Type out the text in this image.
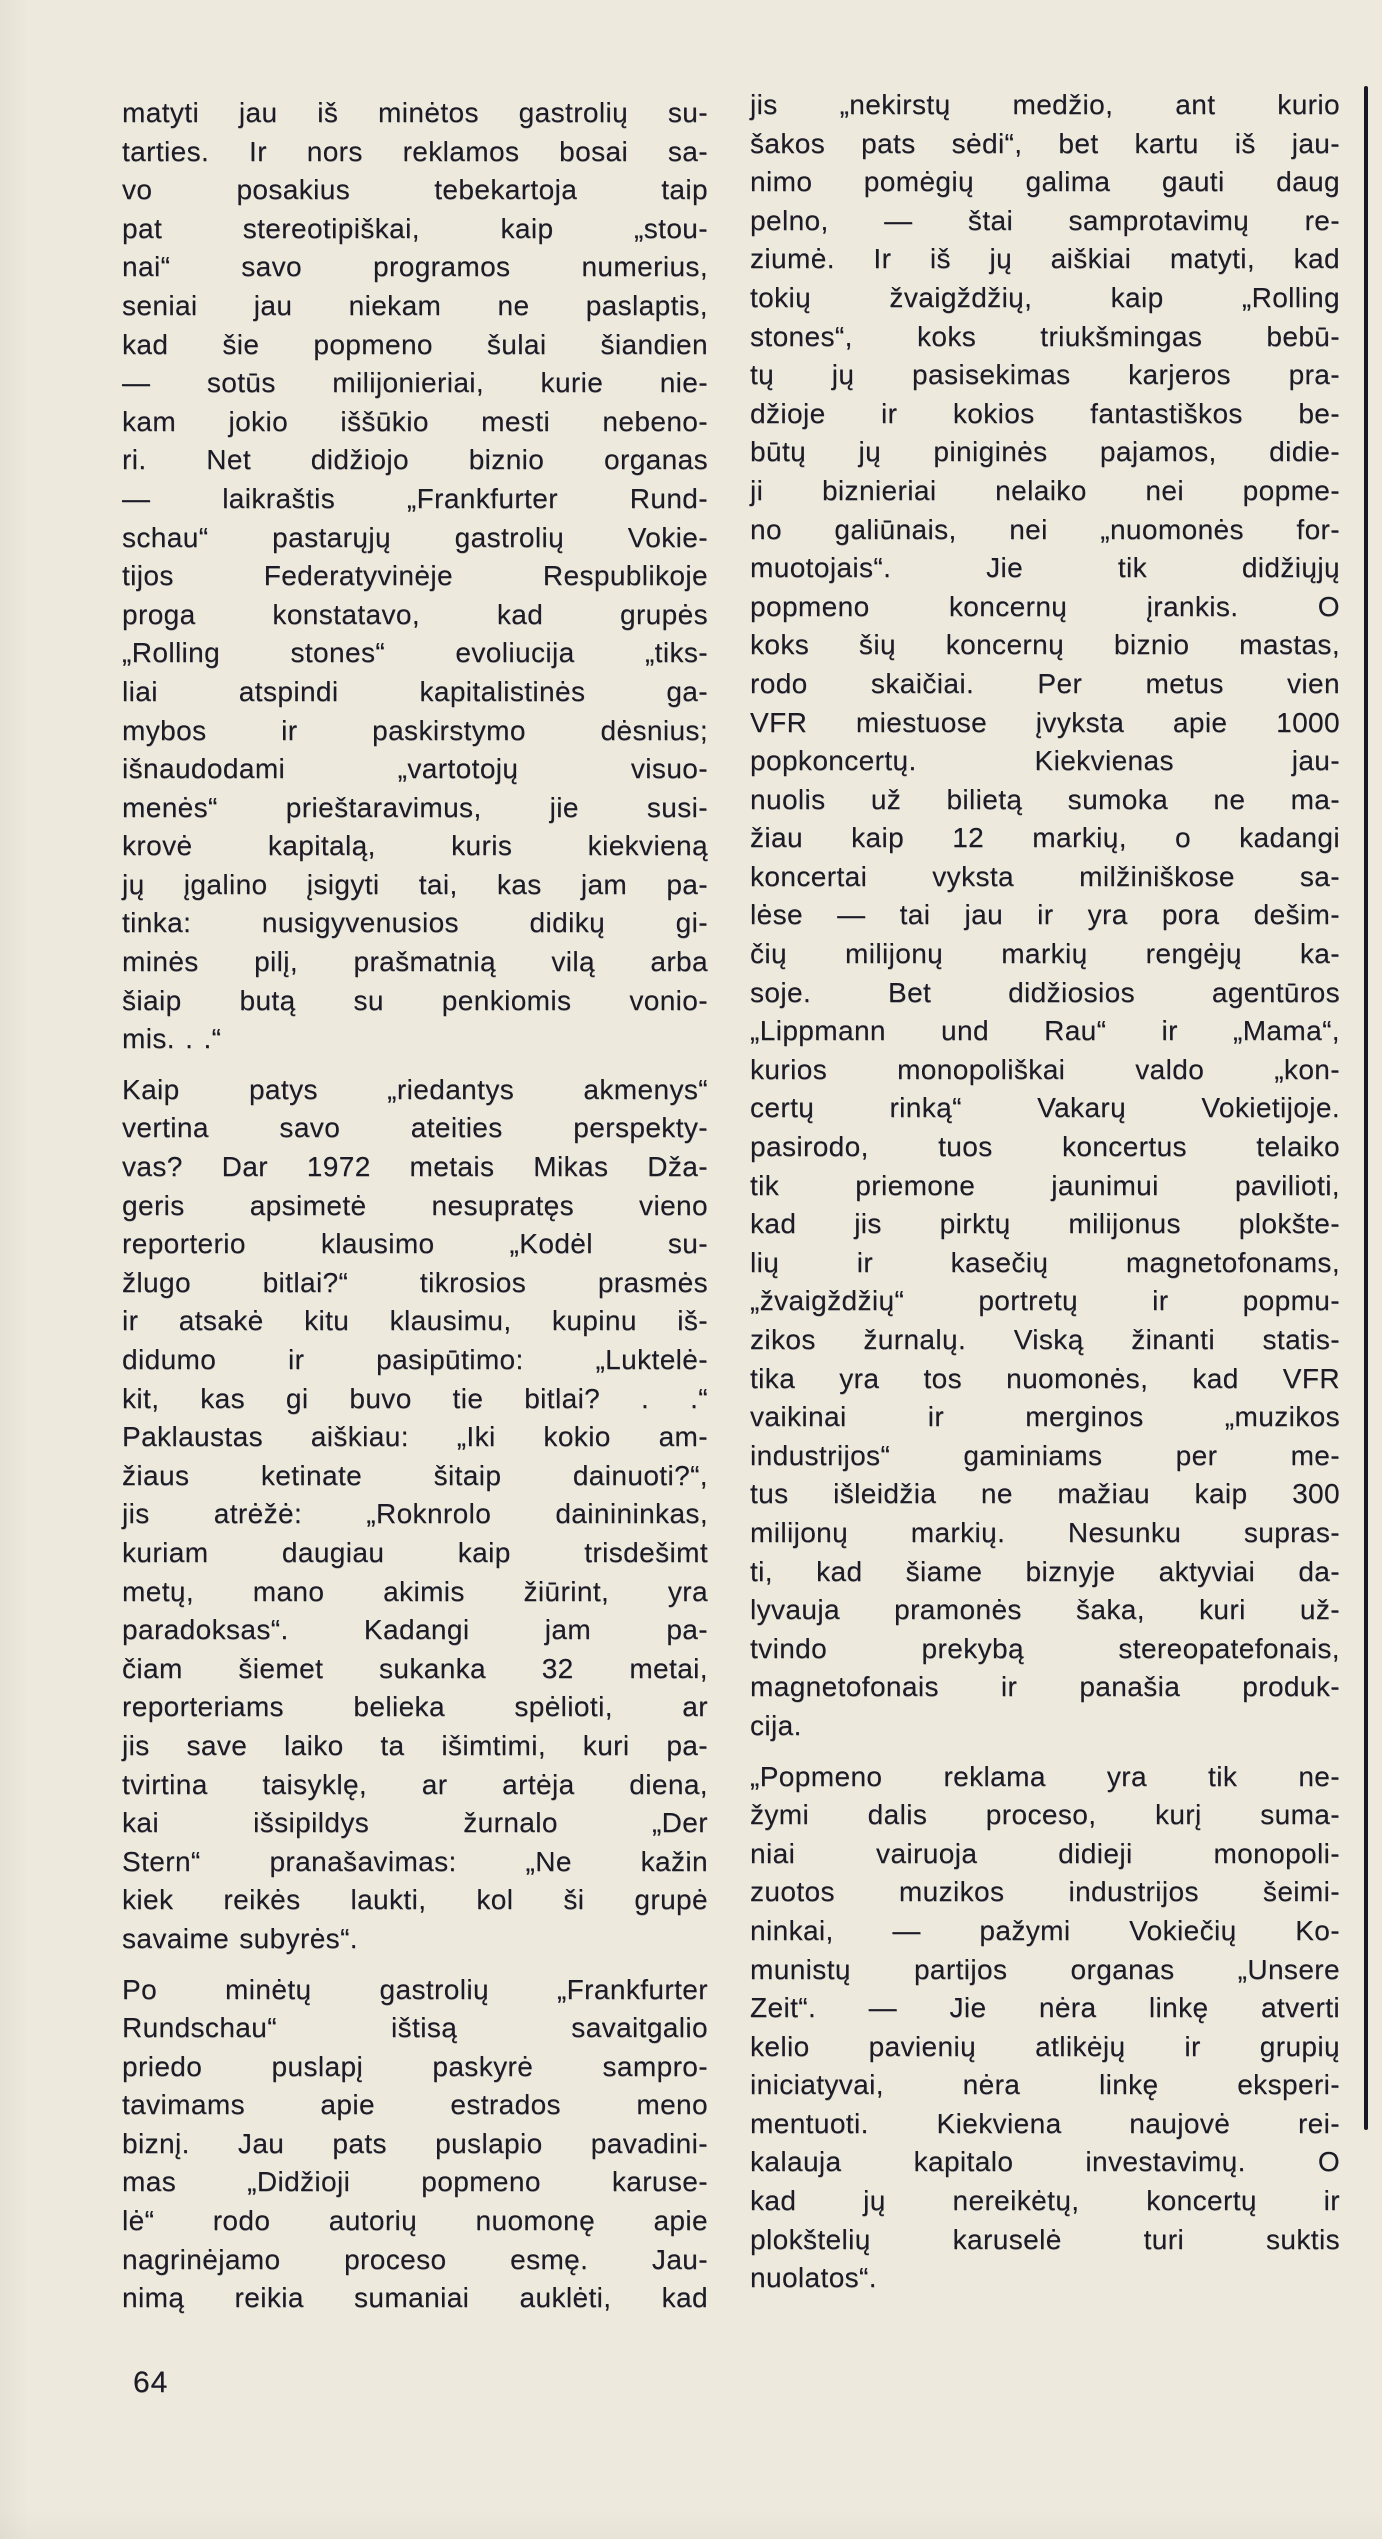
matyti jau iš minėtos gastrolių su-
tarties. Ir nors reklamos bosai sa-
vo posakius tebekartoja taip
pat stereotipiškai, kaip „stou-
nai“ savo programos numerius,
seniai jau niekam ne paslaptis,
kad šie popmeno šulai šiandien
— sotūs milijonieriai, kurie nie-
kam jokio iššūkio mesti nebeno-
ri. Net didžiojo biznio organas
— laikraštis „Frankfurter Rund-
schau“ pastarųjų gastrolių Vokie-
tijos Federatyvinėje Respublikoje
proga konstatavo, kad grupės
„Rolling stones“ evoliucija „tiks-
liai atspindi kapitalistinės ga-
mybos ir paskirstymo dėsnius;
išnaudodami „vartotojų visuo-
menės“ prieštaravimus, jie susi-
krovė kapitalą, kuris kiekvieną
jų įgalino įsigyti tai, kas jam pa-
tinka: nusigyvenusios didikų gi-
minės pilį, prašmatnią vilą arba
šiaip butą su penkiomis vonio-
mis. . .“
Kaip patys „riedantys akmenys“
vertina savo ateities perspekty-
vas? Dar 1972 metais Mikas Dža-
geris apsimetė nesupratęs vieno
reporterio klausimo „Kodėl su-
žlugo bitlai?“ tikrosios prasmės
ir atsakė kitu klausimu, kupinu iš-
didumo ir pasipūtimo: „Luktelė-
kit, kas gi buvo tie bitlai? . .“
Paklaustas aiškiau: „Iki kokio am-
žiaus ketinate šitaip dainuoti?“,
jis atrėžė: „Roknrolo dainininkas,
kuriam daugiau kaip trisdešimt
metų, mano akimis žiūrint, yra
paradoksas“. Kadangi jam pa-
čiam šiemet sukanka 32 metai,
reporteriams belieka spėlioti, ar
jis save laiko ta išimtimi, kuri pa-
tvirtina taisyklę, ar artėja diena,
kai išsipildys žurnalo „Der
Stern“ pranašavimas: „Ne kažin
kiek reikės laukti, kol ši grupė
savaime subyrės“.
Po minėtų gastrolių „Frankfurter
Rundschau“ ištisą savaitgalio
priedo puslapį paskyrė sampro-
tavimams apie estrados meno
biznį. Jau pats puslapio pavadini-
mas „Didžioji popmeno karuse-
lė“ rodo autorių nuomonę apie
nagrinėjamo proceso esmę. Jau-
nimą reikia sumaniai auklėti, kad
jis „nekirstų medžio, ant kurio
šakos pats sėdi“, bet kartu iš jau-
nimo pomėgių galima gauti daug
pelno, — štai samprotavimų re-
ziumė. Ir iš jų aiškiai matyti, kad
tokių žvaigždžių, kaip „Rolling
stones“, koks triukšmingas bebū-
tų jų pasisekimas karjeros pra-
džioje ir kokios fantastiškos be-
būtų jų piniginės pajamos, didie-
ji biznieriai nelaiko nei popme-
no galiūnais, nei „nuomonės for-
muotojais“. Jie tik didžiųjų
popmeno koncernų įrankis. O
koks šių koncernų biznio mastas,
rodo skaičiai. Per metus vien
VFR miestuose įvyksta apie 1000
popkoncertų. Kiekvienas jau-
nuolis už bilietą sumoka ne ma-
žiau kaip 12 markių, o kadangi
koncertai vyksta milžiniškose sa-
lėse — tai jau ir yra pora dešim-
čių milijonų markių rengėjų ka-
soje. Bet didžiosios agentūros
„Lippmann und Rau“ ir „Mama“,
kurios monopoliškai valdo „kon-
certų rinką“ Vakarų Vokietijoje.
pasirodo, tuos koncertus telaiko
tik priemone jaunimui pavilioti,
kad jis pirktų milijonus plokšte-
lių ir kasečių magnetofonams,
„žvaigždžių“ portretų ir popmu-
zikos žurnalų. Viską žinanti statis-
tika yra tos nuomonės, kad VFR
vaikinai ir merginos „muzikos
industrijos“ gaminiams per me-
tus išleidžia ne mažiau kaip 300
milijonų markių. Nesunku supras-
ti, kad šiame biznyje aktyviai da-
lyvauja pramonės šaka, kuri už-
tvindo prekybą stereopatefonais,
magnetofonais ir panašia produk-
cija.
„Popmeno reklama yra tik ne-
žymi dalis proceso, kurį suma-
niai vairuoja didieji monopoli-
zuotos muzikos industrijos šeimi-
ninkai, — pažymi Vokiečių Ko-
munistų partijos organas „Unsere
Zeit“. — Jie nėra linkę atverti
kelio pavienių atlikėjų ir grupių
iniciatyvai, nėra linkę eksperi-
mentuoti. Kiekviena naujovė rei-
kalauja kapitalo investavimų. O
kad jų nereikėtų, koncertų ir
plokštelių karuselė turi suktis
nuolatos“.
64
